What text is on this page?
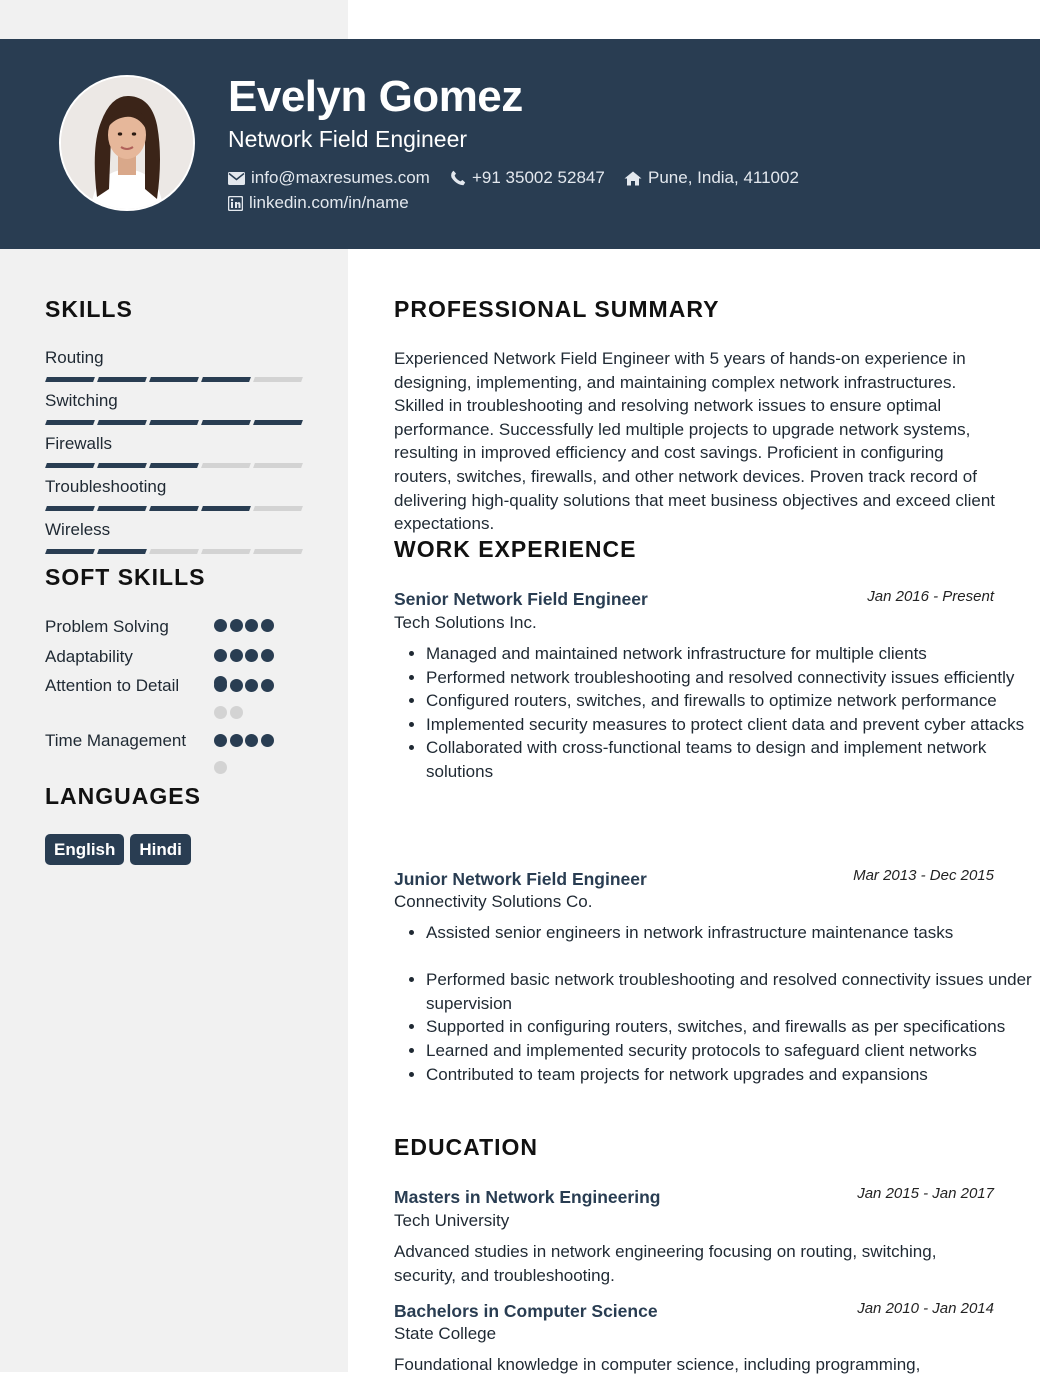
Evelyn Gomez
Network Field Engineer
info@maxresumes.com +91 35002 52847	Pune, India, 411002
linkedin.com/in/name
SKILLS
Routing
Switching
Firewalls
Troubleshooting
Wireless
SOFT SKILLS
Problem Solving
Adaptability
Attention to Detail
Time Management
LANGUAGES
English	Hindi
PROFESSIONAL SUMMARY

Experienced Network Field Engineer with 5 years of hands-on experience in designing, implementing, and maintaining complex network infrastructures. Skilled in troubleshooting and resolving network issues to ensure optimal performance. Successfully led multiple projects to upgrade network systems, resulting in improved efficiency and cost savings. Proficient in configuring routers, switches, firewalls, and other network devices. Proven track record of delivering high-quality solutions that meet business objectives and exceed client expectations.

WORK EXPERIENCE
Senior Network Field Engineer	Jan 2016 - Present
Tech Solutions Inc.
• Managed and maintained network infrastructure for multiple clients
• Performed network troubleshooting and resolved connectivity issues efficiently
• Configured routers, switches, and firewalls to optimize network performance
• Implemented security measures to protect client data and prevent cyber attacks
• Collaborated with cross-functional teams to design and implement network solutions
Junior Network Field Engineer	Mar 2013 - Dec 2015
Connectivity Solutions Co.
• Assisted senior engineers in network infrastructure maintenance tasks
• Performed basic network troubleshooting and resolved connectivity issues under supervision
• Supported in configuring routers, switches, and firewalls as per specifications
• Learned and implemented security protocols to safeguard client networks
• Contributed to team projects for network upgrades and expansions
EDUCATION
Masters in Network Engineering	Jan 2015 - Jan 2017
Tech University

Advanced studies in network engineering focusing on routing, switching, security, and troubleshooting.

Bachelors in Computer Science	Jan 2010 - Jan 2014
State College

Foundational knowledge in computer science, including programming,
